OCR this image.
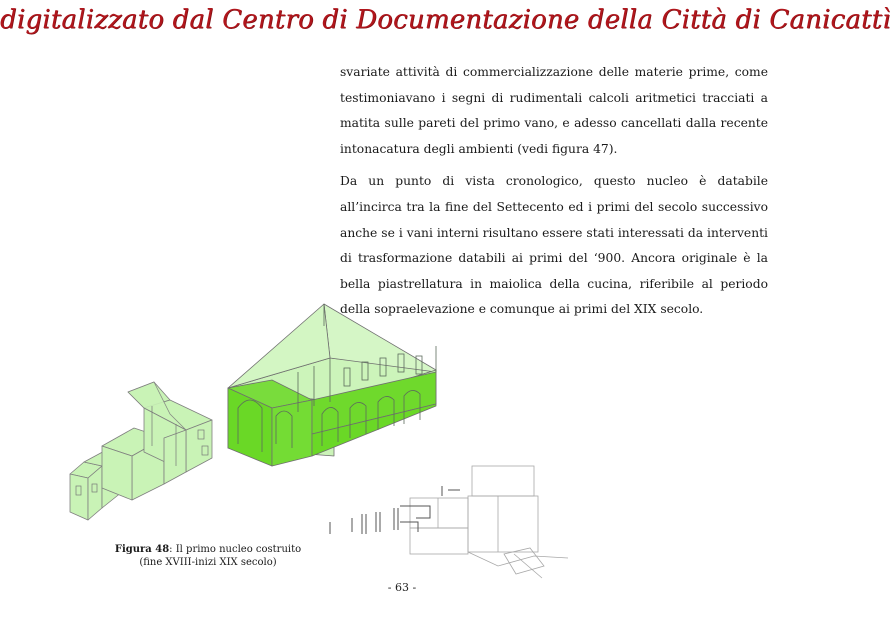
digitalizzato dal Centro di Documentazione della Città di Canicattì

svariate attività di commercializzazione delle materie prime, come testimoniavano i segni di rudimentali calcoli aritmetici tracciati a matita sulle pareti del primo vano, e adesso cancellati dalla recente intonacatura degli ambienti (vedi figura 47).

Da un punto di vista cronologico, questo nucleo è databile all’incirca tra la fine del Settecento ed i primi del secolo successivo anche se i vani interni risultano essere stati interessati da interventi di trasformazione databili ai primi del ‘900. Ancora originale è la bella piastrellatura in maiolica della cucina, riferibile al periodo della sopraelevazione e comunque ai primi del XIX secolo.

Figura 48: Il primo nucleo costruito
(fine XVIII-inizi XIX secolo)
- 63 -
